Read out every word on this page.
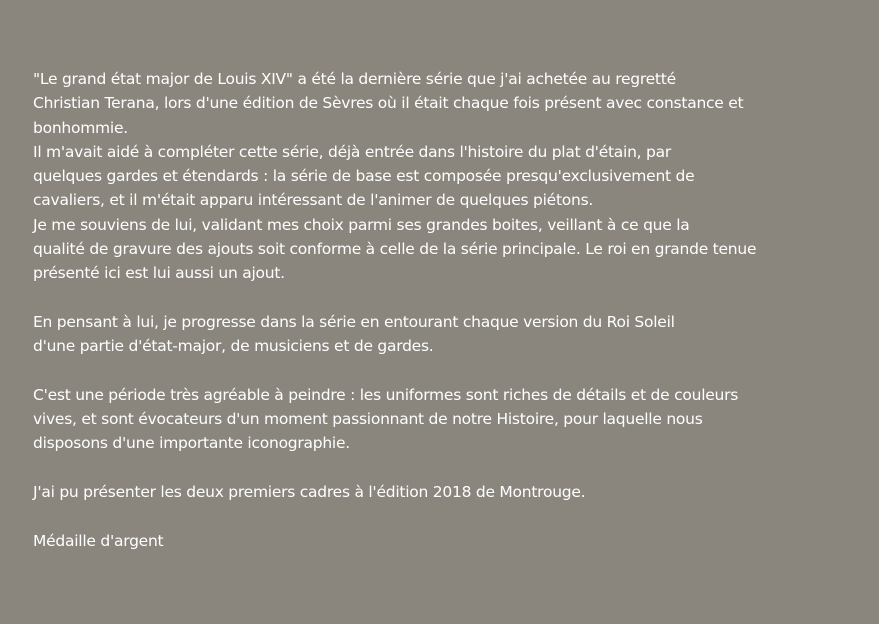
"Le grand état major de Louis XIV" a été la dernière série que j'ai achetée au regretté
Christian Terana, lors d'une édition de Sèvres où il était chaque fois présent avec constance et
bonhommie.
Il m'avait aidé à compléter cette série, déjà entrée dans l'histoire du plat d'étain, par
quelques gardes et étendards : la série de base est composée presqu'exclusivement de
cavaliers, et il m'était apparu intéressant de l'animer de quelques piétons.
Je me souviens de lui, validant mes choix parmi ses grandes boites, veillant à ce que la
qualité de gravure des ajouts soit conforme à celle de la série principale. Le roi en grande tenue
présenté ici est lui aussi un ajout.
En pensant à lui, je progresse dans la série en entourant chaque version du Roi Soleil
d'une partie d'état-major, de musiciens et de gardes.
C'est une période très agréable à peindre : les uniformes sont riches de détails et de couleurs
vives, et sont évocateurs d'un moment passionnant de notre Histoire, pour laquelle nous
disposons d'une importante iconographie.
J'ai pu présenter les deux premiers cadres à l'édition 2018 de Montrouge.
Médaille d'argent
